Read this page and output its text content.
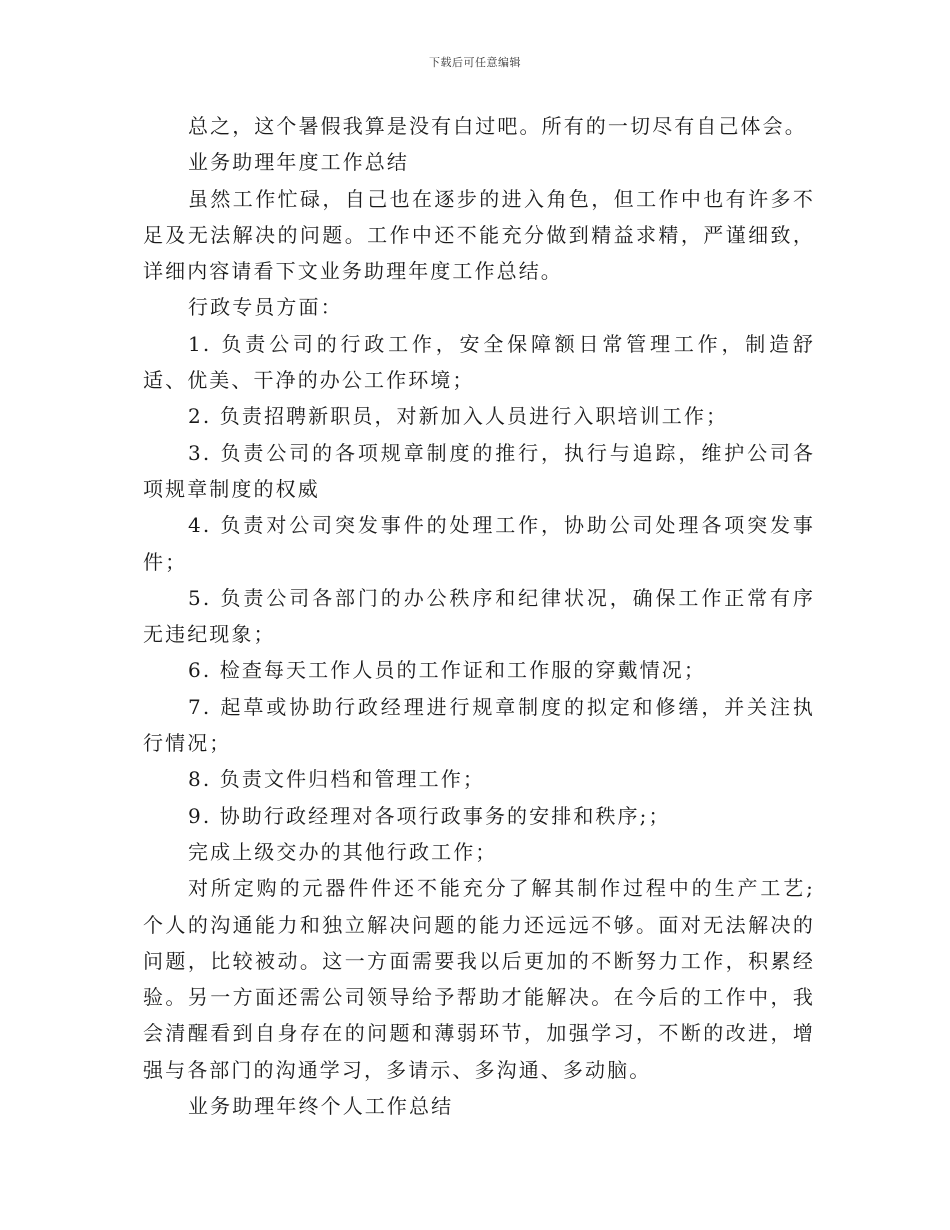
下载后可任意编辑

总之，这个暑假我算是没有白过吧。所有的一切尽有自己体会。

业务助理年度工作总结

虽然工作忙碌，自己也在逐步的进入角色，但工作中也有许多不足及无法解决的问题。工作中还不能充分做到精益求精，严谨细致，详细内容请看下文业务助理年度工作总结。

行政专员方面：

1. 负责公司的行政工作，安全保障额日常管理工作，制造舒适、优美、干净的办公工作环境；

2. 负责招聘新职员，对新加入人员进行入职培训工作；

3. 负责公司的各项规章制度的推行，执行与追踪，维护公司各项规章制度的权威

4. 负责对公司突发事件的处理工作，协助公司处理各项突发事件；

5. 负责公司各部门的办公秩序和纪律状况，确保工作正常有序无违纪现象；

6. 检查每天工作人员的工作证和工作服的穿戴情况；

7. 起草或协助行政经理进行规章制度的拟定和修缮，并关注执行情况；

8. 负责文件归档和管理工作；

9. 协助行政经理对各项行政事务的安排和秩序;；

完成上级交办的其他行政工作；

对所定购的元器件件还不能充分了解其制作过程中的生产工艺;个人的沟通能力和独立解决问题的能力还远远不够。面对无法解决的问题，比较被动。这一方面需要我以后更加的不断努力工作，积累经验。另一方面还需公司领导给予帮助才能解决。在今后的工作中，我会清醒看到自身存在的问题和薄弱环节，加强学习，不断的改进，增强与各部门的沟通学习，多请示、多沟通、多动脑。

业务助理年终个人工作总结
